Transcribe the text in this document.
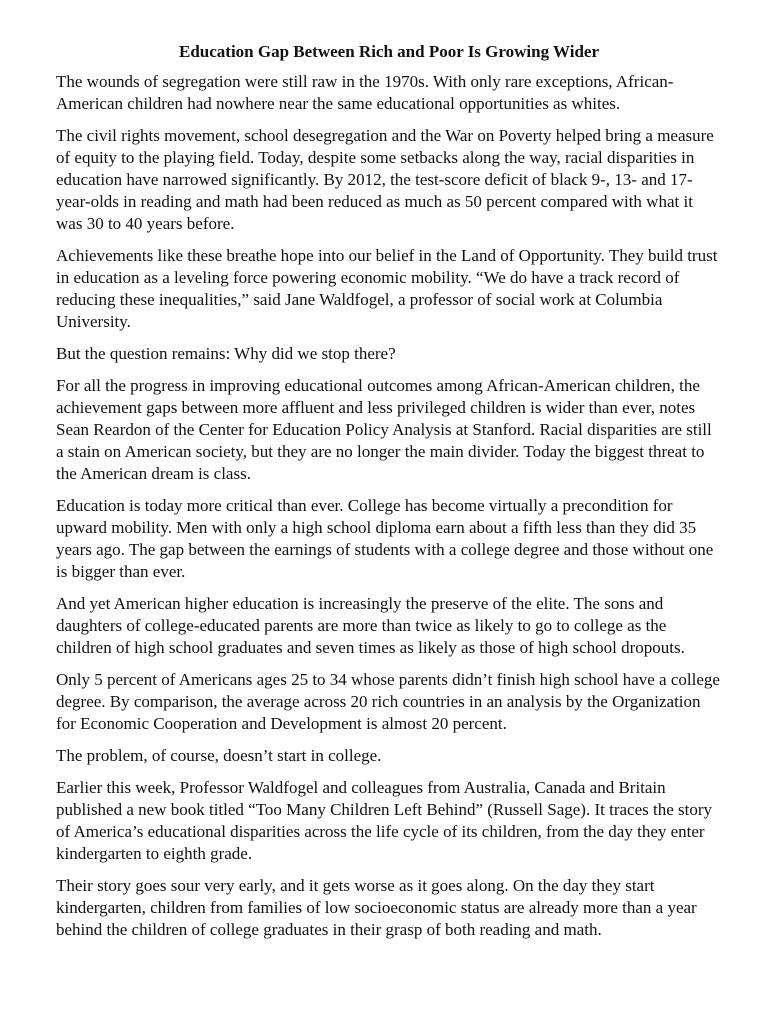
Education Gap Between Rich and Poor Is Growing Wider

The wounds of segregation were still raw in the 1970s. With only rare exceptions, African-American children had nowhere near the same educational opportunities as whites.

The civil rights movement, school desegregation and the War on Poverty helped bring a measure of equity to the playing field. Today, despite some setbacks along the way, racial disparities in education have narrowed significantly. By 2012, the test-score deficit of black 9-, 13- and 17-year-olds in reading and math had been reduced as much as 50 percent compared with what it was 30 to 40 years before.

Achievements like these breathe hope into our belief in the Land of Opportunity. They build trust in education as a leveling force powering economic mobility. “We do have a track record of reducing these inequalities,” said Jane Waldfogel, a professor of social work at Columbia University.

But the question remains: Why did we stop there?

For all the progress in improving educational outcomes among African-American children, the achievement gaps between more affluent and less privileged children is wider than ever, notes Sean Reardon of the Center for Education Policy Analysis at Stanford. Racial disparities are still a stain on American society, but they are no longer the main divider. Today the biggest threat to the American dream is class.

Education is today more critical than ever. College has become virtually a precondition for upward mobility. Men with only a high school diploma earn about a fifth less than they did 35 years ago. The gap between the earnings of students with a college degree and those without one is bigger than ever.

And yet American higher education is increasingly the preserve of the elite. The sons and daughters of college-educated parents are more than twice as likely to go to college as the children of high school graduates and seven times as likely as those of high school dropouts.

Only 5 percent of Americans ages 25 to 34 whose parents didn’t finish high school have a college degree. By comparison, the average across 20 rich countries in an analysis by the Organization for Economic Cooperation and Development is almost 20 percent.

The problem, of course, doesn’t start in college.

Earlier this week, Professor Waldfogel and colleagues from Australia, Canada and Britain published a new book titled “Too Many Children Left Behind” (Russell Sage). It traces the story of America’s educational disparities across the life cycle of its children, from the day they enter kindergarten to eighth grade.

Their story goes sour very early, and it gets worse as it goes along. On the day they start kindergarten, children from families of low socioeconomic status are already more than a year behind the children of college graduates in their grasp of both reading and math.
